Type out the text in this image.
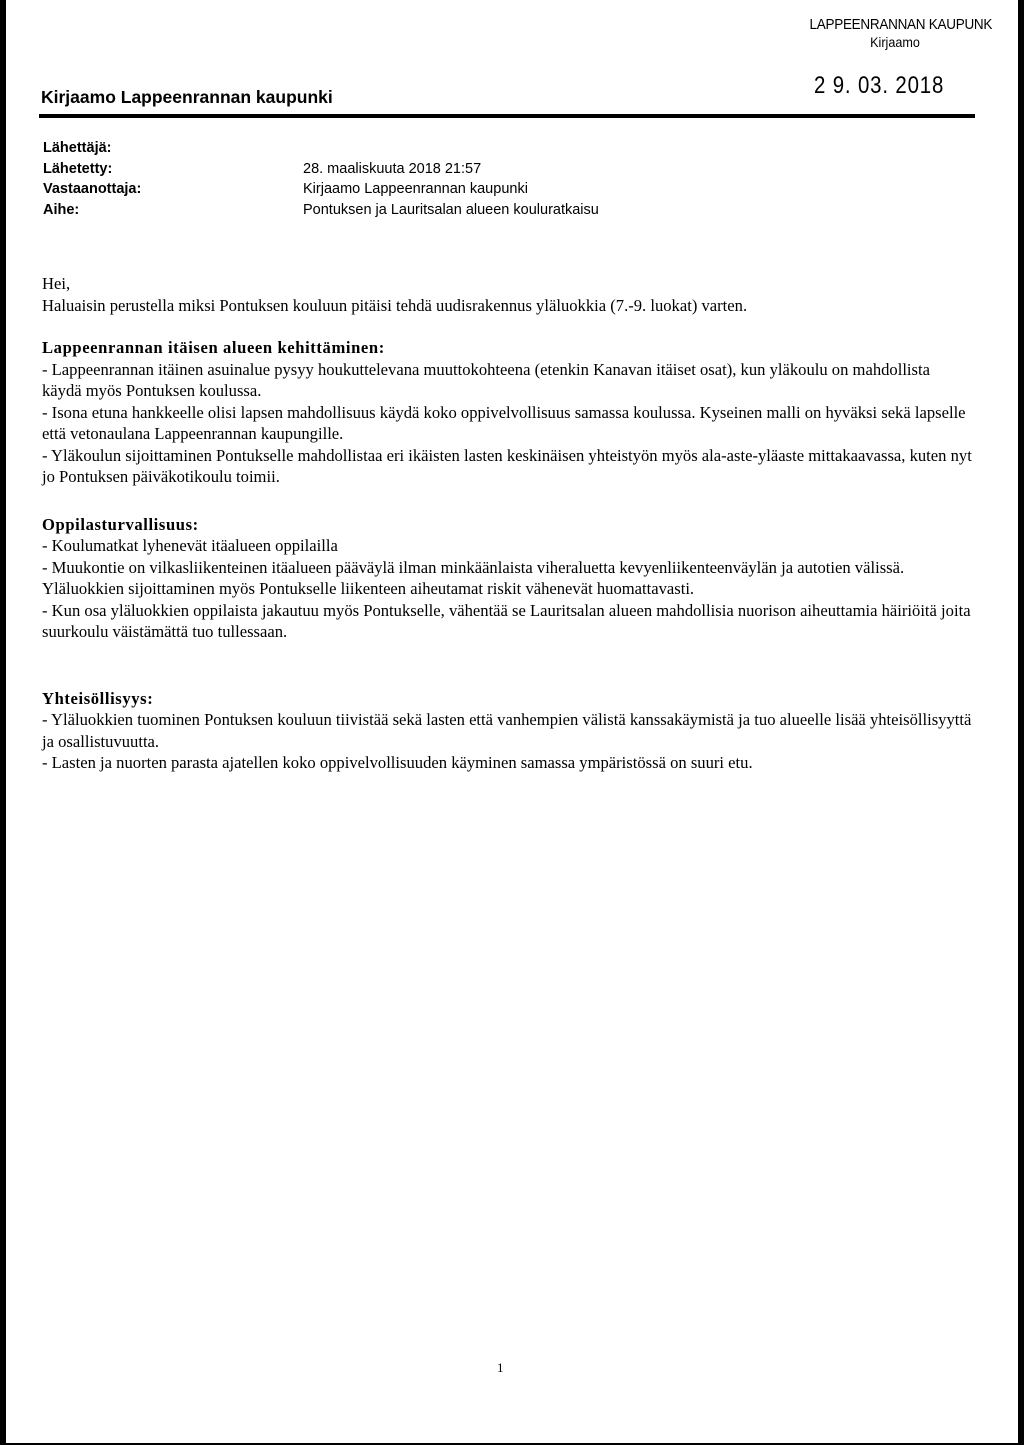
LAPPEENRANNAN KAUPUNK
Kirjaamo
2 9. 03. 2018
Kirjaamo Lappeenrannan kaupunki
Lähettäjä:
Lähetetty:	28. maaliskuuta 2018 21:57
Vastaanottaja:	Kirjaamo Lappeenrannan kaupunki
Aihe:	Pontuksen ja Lauritsalan alueen kouluratkaisu

Hei,

Haluaisin perustella miksi Pontuksen kouluun pitäisi tehdä uudisrakennus yläluokkia (7.-9. luokat) varten.

Lappeenrannan itäisen alueen kehittäminen:

- Lappeenrannan itäinen asuinalue pysyy houkuttelevana muuttokohteena (etenkin Kanavan itäiset osat), kun yläkoulu on mahdollista käydä myös Pontuksen koulussa.

- Isona etuna hankkeelle olisi lapsen mahdollisuus käydä koko oppivelvollisuus samassa koulussa. Kyseinen malli on hyväksi sekä lapselle että vetonaulana Lappeenrannan kaupungille.

- Yläkoulun sijoittaminen Pontukselle mahdollistaa eri ikäisten lasten keskinäisen yhteistyön myös ala-aste-yläaste mittakaavassa, kuten nyt jo Pontuksen päiväkotikoulu toimii.

Oppilasturvallisuus:

- Koulumatkat lyhenevät itäalueen oppilailla

- Muukontie on vilkasliikenteinen itäalueen pääväylä ilman minkäänlaista viheraluetta kevyenliikenteenväylän ja autotien välissä. Yläluokkien sijoittaminen myös Pontukselle liikenteen aiheutamat riskit vähenevät huomattavasti.

- Kun osa yläluokkien oppilaista jakautuu myös Pontukselle, vähentää se Lauritsalan alueen mahdollisia nuorison aiheuttamia häiriöitä joita suurkoulu väistämättä tuo tullessaan.

Yhteisöllisyys:

- Yläluokkien tuominen Pontuksen kouluun tiivistää sekä lasten että vanhempien välistä kanssakäymistä ja tuo alueelle lisää yhteisöllisyyttä ja osallistuvuutta.

- Lasten ja nuorten parasta ajatellen koko oppivelvollisuuden käyminen samassa ympäristössä on suuri etu.

1
